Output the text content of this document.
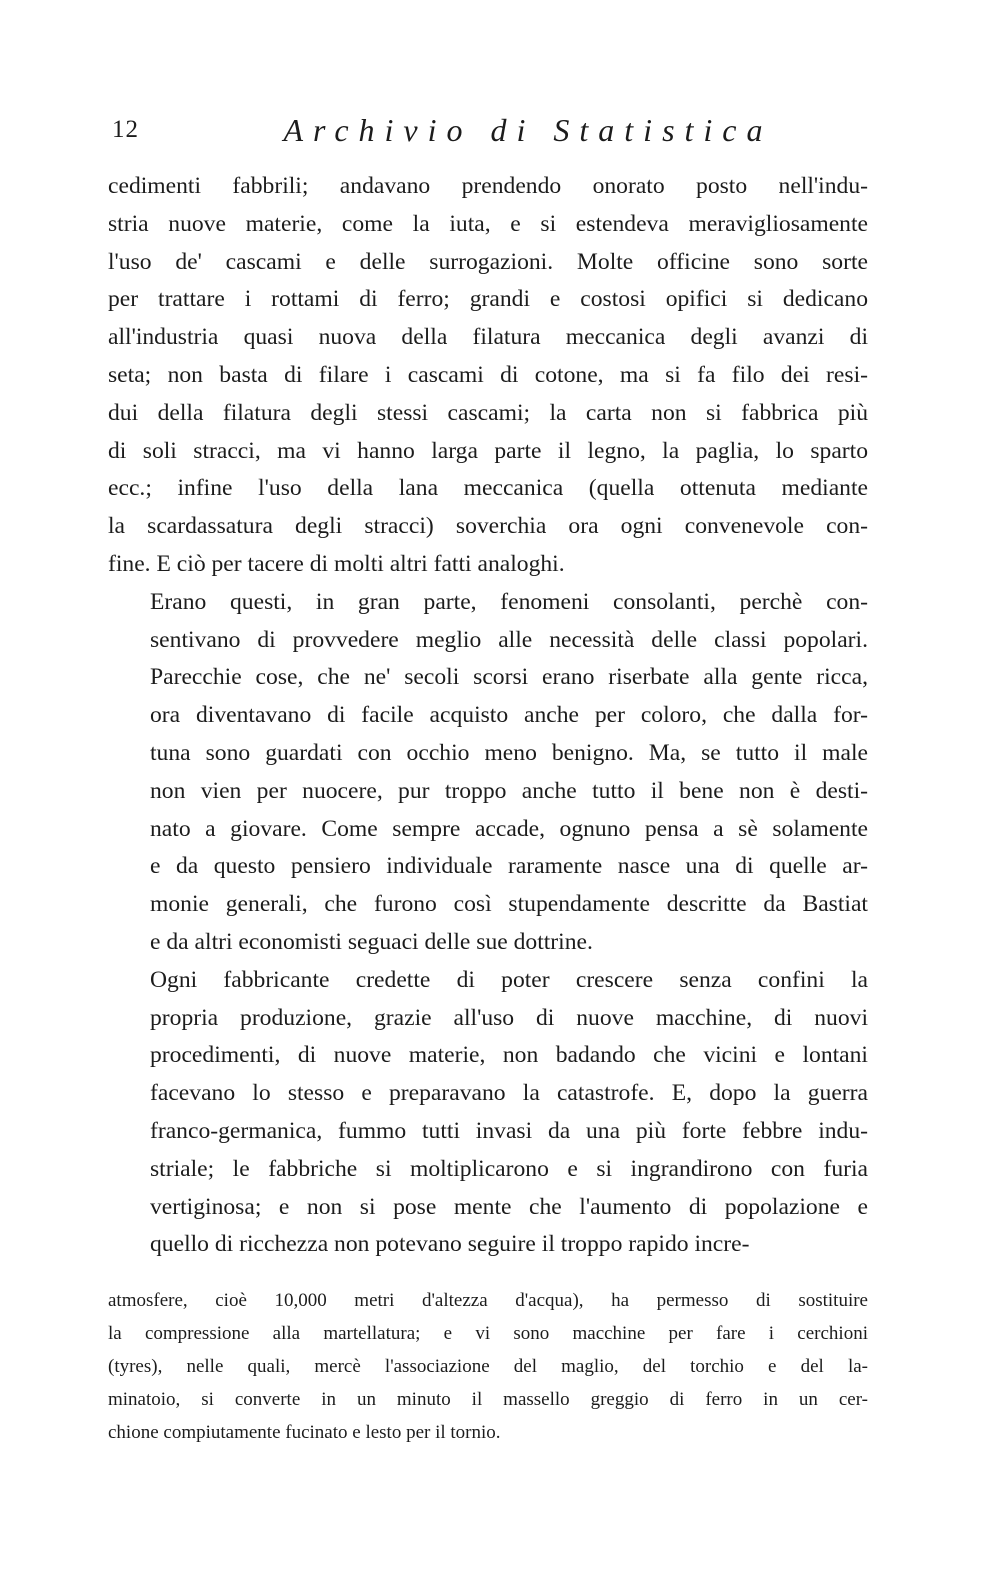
12	Archivio di Statistica
cedimenti fabbrili; andavano prendendo onorato posto nell'indu-
stria nuove materie, come la iuta, e si estendeva meravigliosamente
l'uso de' cascami e delle surrogazioni. Molte officine sono sorte
per trattare i rottami di ferro; grandi e costosi opifici si dedicano
all'industria quasi nuova della filatura meccanica degli avanzi di
seta; non basta di filare i cascami di cotone, ma si fa filo dei resi-
dui della filatura degli stessi cascami; la carta non si fabbrica più
di soli stracci, ma vi hanno larga parte il legno, la paglia, lo sparto
ecc.; infine l'uso della lana meccanica (quella ottenuta mediante
la scardassatura degli stracci) soverchia ora ogni convenevole con-
fine. E ciò per tacere di molti altri fatti analoghi.
Erano questi, in gran parte, fenomeni consolanti, perchè con-
sentivano di provvedere meglio alle necessità delle classi popolari.
Parecchie cose, che ne' secoli scorsi erano riserbate alla gente ricca,
ora diventavano di facile acquisto anche per coloro, che dalla for-
tuna sono guardati con occhio meno benigno. Ma, se tutto il male
non vien per nuocere, pur troppo anche tutto il bene non è desti-
nato a giovare. Come sempre accade, ognuno pensa a sè solamente
e da questo pensiero individuale raramente nasce una di quelle ar-
monie generali, che furono così stupendamente descritte da Bastiat
e da altri economisti seguaci delle sue dottrine.
Ogni fabbricante credette di poter crescere senza confini la
propria produzione, grazie all'uso di nuove macchine, di nuovi
procedimenti, di nuove materie, non badando che vicini e lontani
facevano lo stesso e preparavano la catastrofe. E, dopo la guerra
franco-germanica, fummo tutti invasi da una più forte febbre indu-
striale; le fabbriche si moltiplicarono e si ingrandirono con furia
vertiginosa; e non si pose mente che l'aumento di popolazione e
quello di ricchezza non potevano seguire il troppo rapido incre-
atmosfere, cioè 10,000 metri d'altezza d'acqua), ha permesso di sostituire
la compressione alla martellatura; e vi sono macchine per fare i cerchioni
(tyres), nelle quali, mercè l'associazione del maglio, del torchio e del la-
minatoio, si converte in un minuto il massello greggio di ferro in un cer-
chione compiutamente fucinato e lesto per il tornio.
